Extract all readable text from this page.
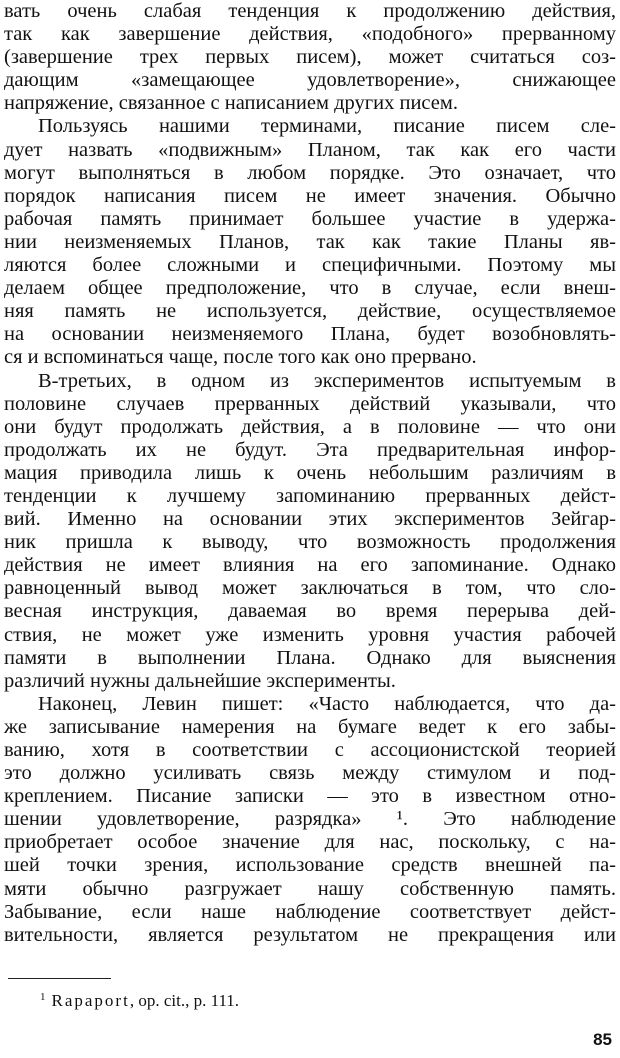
вать очень слабая тенденция к продолжению действия,
так как завершение действия, «подобного» прерванному
(завершение трех первых писем), может считаться соз-
дающим «замещающее удовлетворение», снижающее
напряжение, связанное с написанием других писем.
Пользуясь нашими терминами, писание писем сле-
дует назвать «подвижным» Планом, так как его части
могут выполняться в любом порядке. Это означает, что
порядок написания писем не имеет значения. Обычно
рабочая память принимает большее участие в удержа-
нии неизменяемых Планов, так как такие Планы яв-
ляются более сложными и специфичными. Поэтому мы
делаем общее предположение, что в случае, если внеш-
няя память не используется, действие, осуществляемое
на основании неизменяемого Плана, будет возобновлять-
ся и вспоминаться чаще, после того как оно прервано.
В-третьих, в одном из экспериментов испытуемым в
половине случаев прерванных действий указывали, что
они будут продолжать действия, а в половине — что они
продолжать их не будут. Эта предварительная инфор-
мация приводила лишь к очень небольшим различиям в
тенденции к лучшему запоминанию прерванных дейст-
вий. Именно на основании этих экспериментов Зейгар-
ник пришла к выводу, что возможность продолжения
действия не имеет влияния на его запоминание. Однако
равноценный вывод может заключаться в том, что сло-
весная инструкция, даваемая во время перерыва дей-
ствия, не может уже изменить уровня участия рабочей
памяти в выполнении Плана. Однако для выяснения
различий нужны дальнейшие эксперименты.
Наконец, Левин пишет: «Часто наблюдается, что да-
же записывание намерения на бумаге ведет к его забы-
ванию, хотя в соответствии с ассоционистской теорией
это должно усиливать связь между стимулом и под-
креплением. Писание записки — это в известном отно-
шении удовлетворение, разрядка» ¹. Это наблюдение
приобретает особое значение для нас, поскольку, с на-
шей точки зрения, использование средств внешней па-
мяти обычно разгружает нашу собственную память.
Забывание, если наше наблюдение соответствует дейст-
вительности, является результатом не прекращения или
$^1$ Rapaport, op. cit., p. 111.
85
